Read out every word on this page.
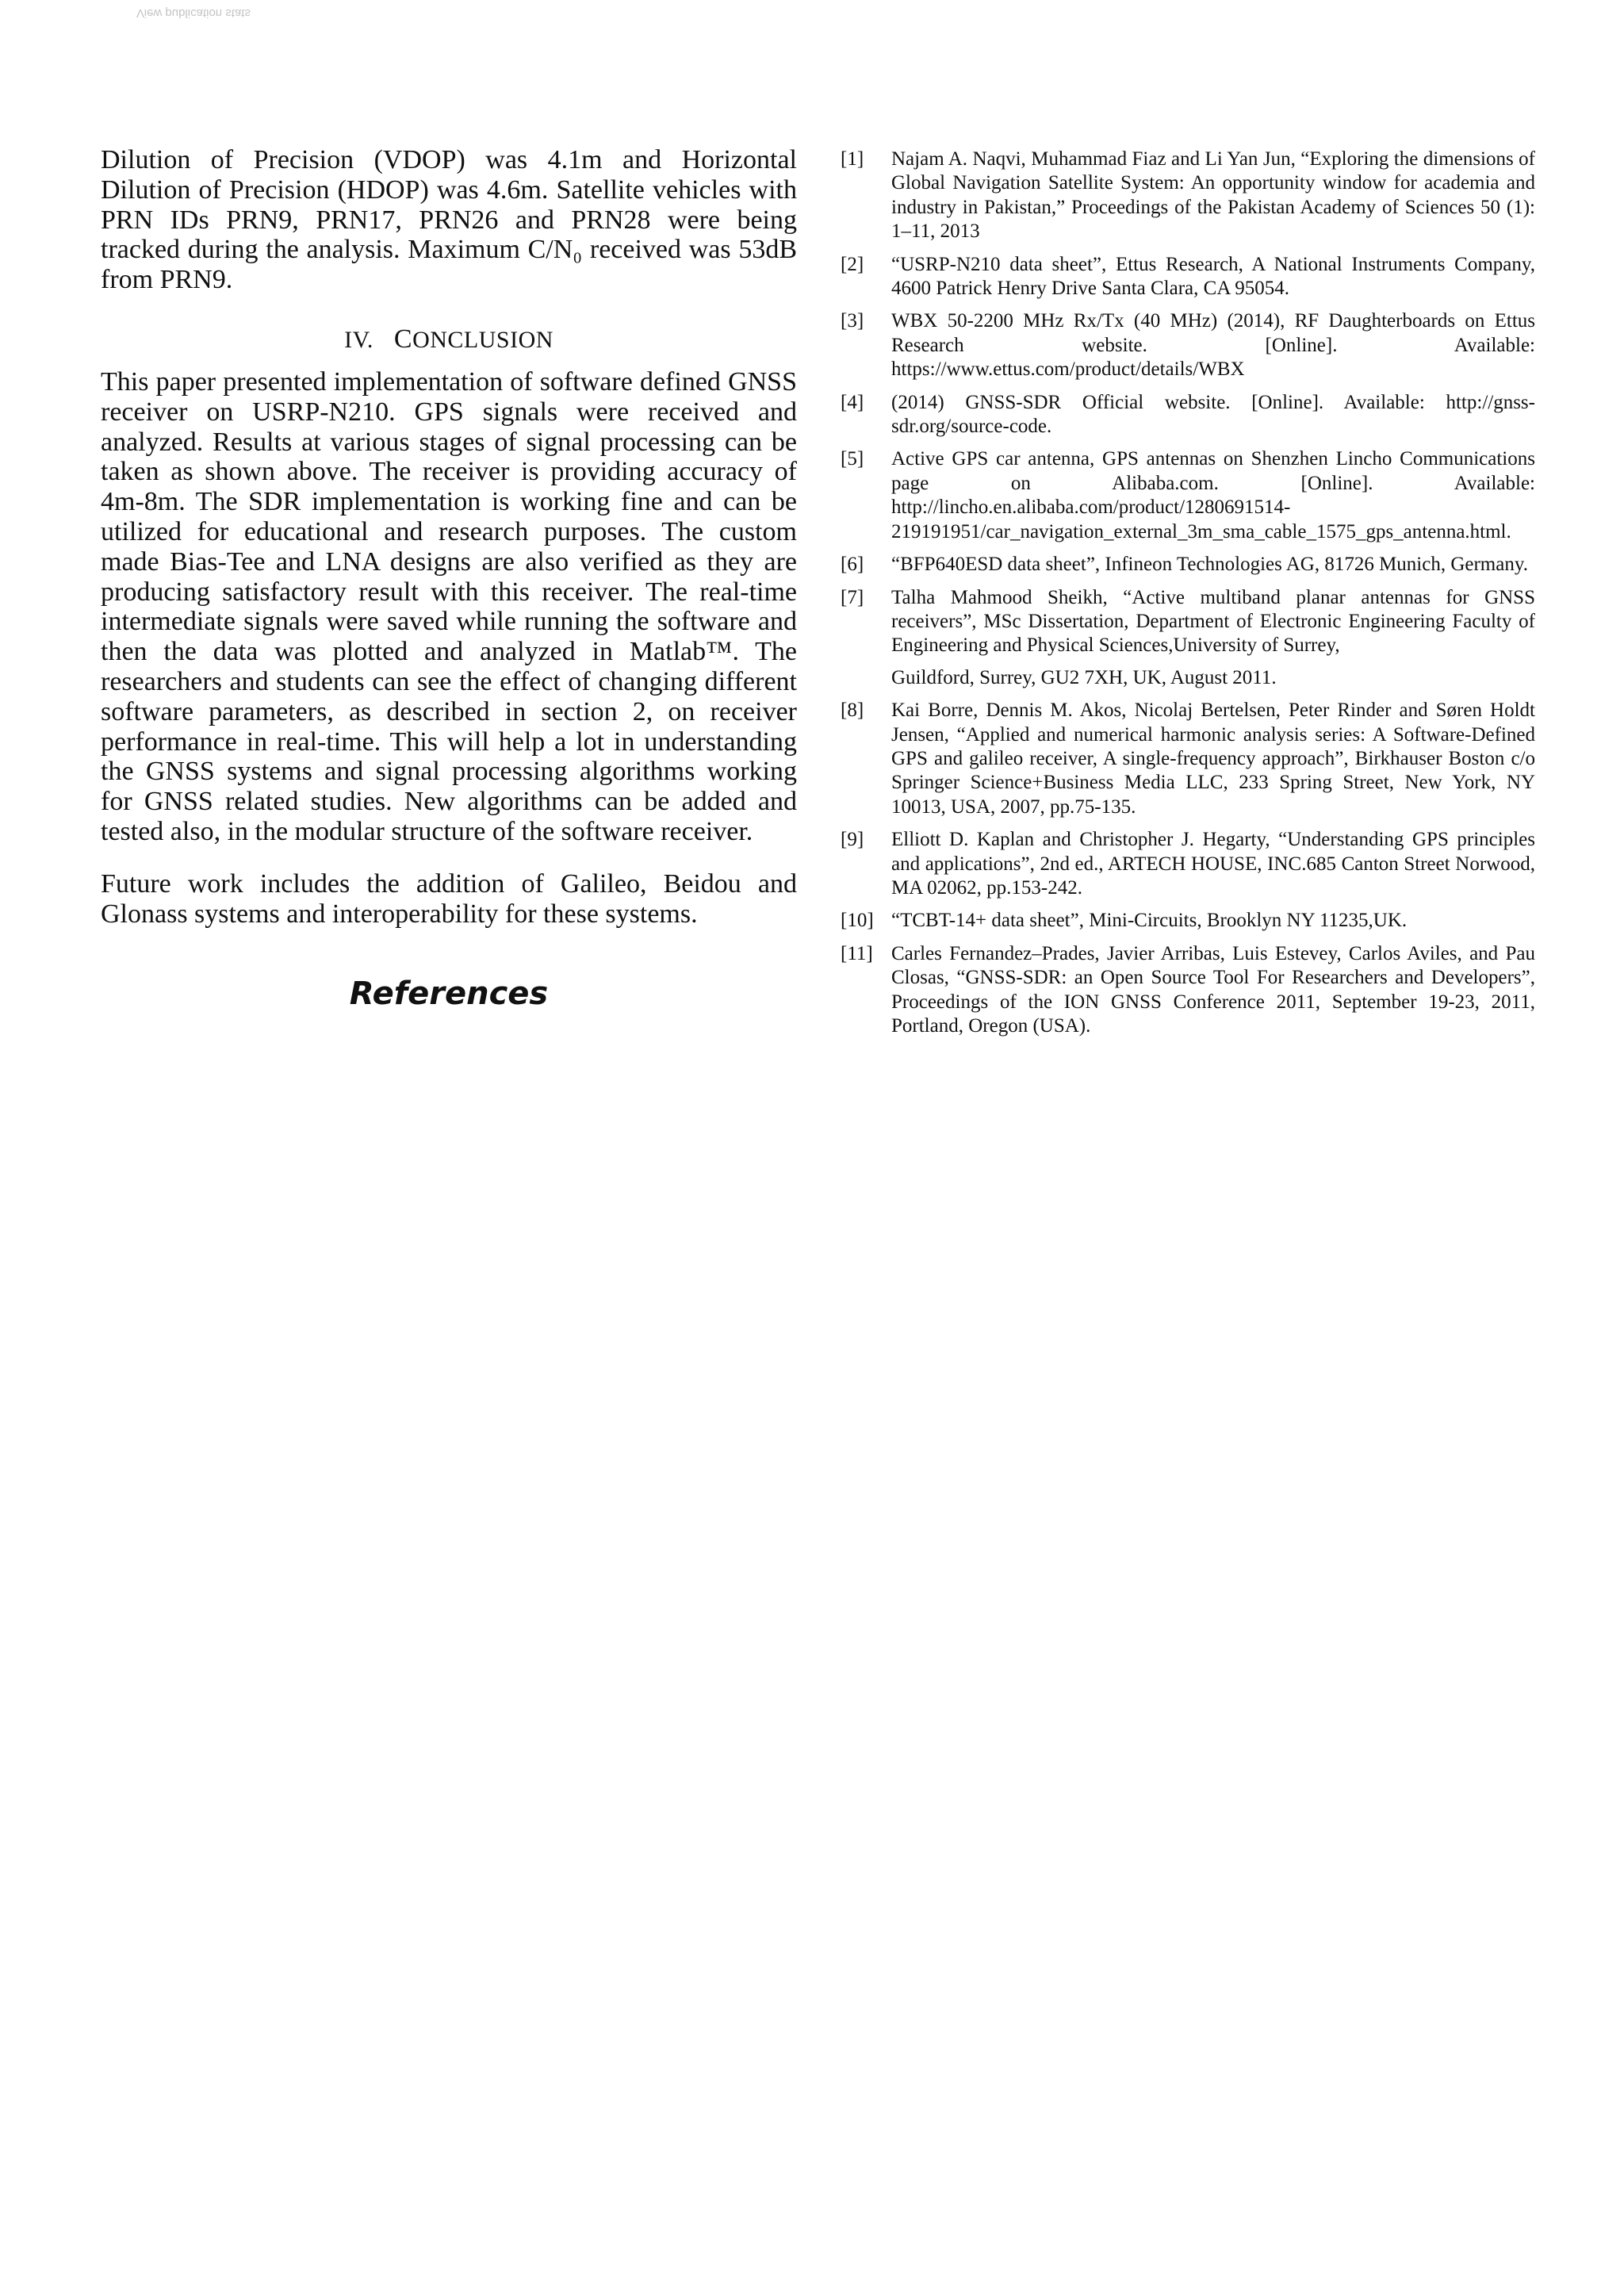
View publication stats

Dilution of Precision (VDOP) was 4.1m and Horizontal Dilution of Precision (HDOP) was 4.6m. Satellite vehicles with PRN IDs PRN9, PRN17, PRN26 and PRN28 were being tracked during the analysis. Maximum C/N₀ received was 53dB from PRN9.

IV. CONCLUSION

This paper presented implementation of software defined GNSS receiver on USRP-N210. GPS signals were received and analyzed. Results at various stages of signal processing can be taken as shown above. The receiver is providing accuracy of 4m-8m. The SDR implementation is working fine and can be utilized for educational and research purposes. The custom made Bias-Tee and LNA designs are also verified as they are producing satisfactory result with this receiver. The real-time intermediate signals were saved while running the software and then the data was plotted and analyzed in Matlab™. The researchers and students can see the effect of changing different software parameters, as described in section 2, on receiver performance in real-time. This will help a lot in understanding the GNSS systems and signal processing algorithms working for GNSS related studies. New algorithms can be added and tested also, in the modular structure of the software receiver.

Future work includes the addition of Galileo, Beidou and Glonass systems and interoperability for these systems.

References
[1]	Najam A. Naqvi, Muhammad Fiaz and Li Yan Jun, “Exploring the dimensions of Global Navigation Satellite System: An opportunity window for academia and industry in Pakistan,” Proceedings of the Pakistan Academy of Sciences 50 (1): 1–11, 2013
[2]	“USRP-N210 data sheet”, Ettus Research, A National Instruments Company, 4600 Patrick Henry Drive Santa Clara, CA 95054.
[3]	WBX 50-2200 MHz Rx/Tx (40 MHz) (2014), RF Daughterboards on Ettus Research website. [Online]. Available: https://www.ettus.com/product/details/WBX
[4]	(2014) GNSS-SDR Official website. [Online]. Available: http://gnss-sdr.org/source-code.
[5]	Active GPS car antenna, GPS antennas on Shenzhen Lincho Communications page on Alibaba.com. [Online]. Available: http://lincho.en.alibaba.com/product/1280691514-219191951/car_navigation_external_3m_sma_cable_1575_gps_antenna.html.
[6]	“BFP640ESD data sheet”, Infineon Technologies AG, 81726 Munich, Germany.
[7]	Talha Mahmood Sheikh, “Active multiband planar antennas for GNSS receivers”, MSc Dissertation, Department of Electronic Engineering Faculty of Engineering and Physical Sciences,University of Surrey,
Guildford, Surrey, GU2 7XH, UK, August 2011.
[8]	Kai Borre, Dennis M. Akos, Nicolaj Bertelsen, Peter Rinder and Søren Holdt Jensen, “Applied and numerical harmonic analysis series: A Software-Defined GPS and galileo receiver, A single-frequency approach”, Birkhauser Boston c/o Springer Science+Business Media LLC, 233 Spring Street, New York, NY 10013, USA, 2007, pp.75-135.
[9]	Elliott D. Kaplan and Christopher J. Hegarty, “Understanding GPS principles and applications”, 2nd ed., ARTECH HOUSE, INC.685 Canton Street Norwood, MA 02062, pp.153-242.
[10] “TCBT-14+ data sheet”, Mini-Circuits, Brooklyn NY 11235,UK.
[11] Carles Fernandez–Prades, Javier Arribas, Luis Estevey, Carlos Aviles, and Pau Closas, “GNSS-SDR: an Open Source Tool For Researchers and Developers”, Proceedings of the ION GNSS Conference 2011, September 19-23, 2011, Portland, Oregon (USA).
